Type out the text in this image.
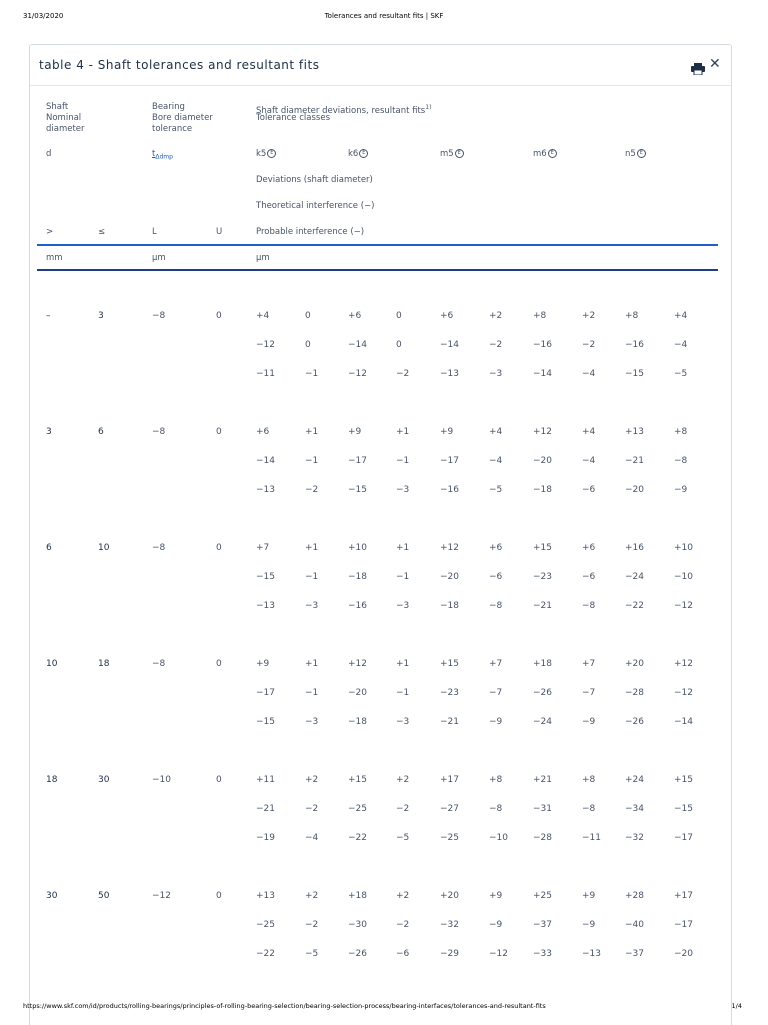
31/03/2020	Tolerances and resultant fits | SKF
table 4 - Shaft tolerances and resultant fits	✕
Shaft
Nominal
diameter
Bearing
Bore diameter
tolerance
Shaft diameter deviations, resultant fits$^{1)}$
Tolerance classes
d	$t_{\Delta dmp}$	k5 E	k6 E	m5 E	m6 E	n5 E
Deviations (shaft diameter)
Theoretical interference (−)
>	≤	L	U	Probable interference (−)
mm	µm	µm
–	3	−8	0	+4	0	+6	0	+6	+2	+8	+2	+8	+4
−12	0	−14	0	−14	−2	−16	−2	−16	−4
−11	−1	−12	−2	−13	−3	−14	−4	−15	−5
3	6	−8	0	+6	+1	+9	+1	+9	+4	+12	+4	+13	+8
−14	−1	−17	−1	−17	−4	−20	−4	−21	−8
−13	−2	−15	−3	−16	−5	−18	−6	−20	−9
6	10	−8	0	+7	+1	+10	+1	+12	+6	+15	+6	+16	+10
−15	−1	−18	−1	−20	−6	−23	−6	−24	−10
−13	−3	−16	−3	−18	−8	−21	−8	−22	−12
10	18	−8	0	+9	+1	+12	+1	+15	+7	+18	+7	+20	+12
−17	−1	−20	−1	−23	−7	−26	−7	−28	−12
−15	−3	−18	−3	−21	−9	−24	−9	−26	−14
18	30	−10	0	+11	+2	+15	+2	+17	+8	+21	+8	+24	+15
−21	−2	−25	−2	−27	−8	−31	−8	−34	−15
−19	−4	−22	−5	−25	−10	−28	−11	−32	−17
30	50	−12	0	+13	+2	+18	+2	+20	+9	+25	+9	+28	+17
−25	−2	−30	−2	−32	−9	−37	−9	−40	−17
−22	−5	−26	−6	−29	−12	−33	−13	−37	−20
https://www.skf.com/id/products/rolling-bearings/principles-of-rolling-bearing-selection/bearing-selection-process/bearing-interfaces/tolerances-and-resultant-fits	1/4
